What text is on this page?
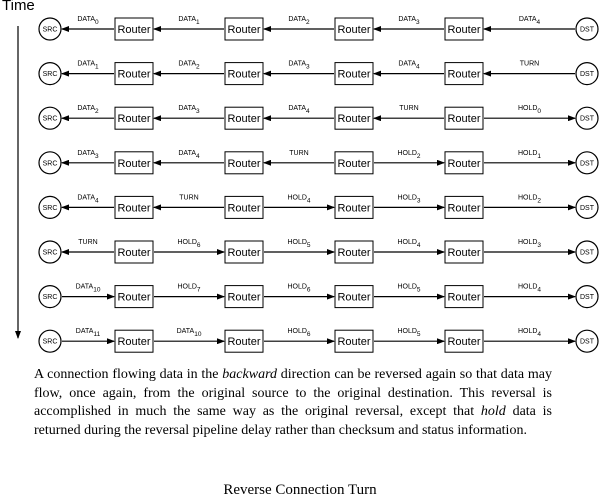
SRC	DST
Router	Router	Router	Router
DATA0	DATA1	DATA2	DATA3	DATA4
SRC	DST
Router	Router	Router	Router
DATA1	DATA2	DATA3	DATA4	TURN
SRC	DST
Router	Router	Router	Router
DATA2	DATA3	DATA4	TURN	HOLD0
SRC	DST
Router	Router	Router	Router
DATA3	DATA4	TURN	HOLD2	HOLD1
SRC	DST
Router	Router	Router	Router
DATA4	TURN	HOLD4	HOLD3	HOLD2
SRC	DST
Router	Router	Router	Router
TURN	HOLD6	HOLD5	HOLD4	HOLD3
SRC	DST
Router	Router	Router	Router
DATA10	HOLD7	HOLD6	HOLD5	HOLD4
SRC	DST
Router	Router	Router	Router
DATA11	DATA10	HOLD6	HOLD5	HOLD4
Time

A connection flowing data in the backward direction can be reversed again so that data may flow, once again, from the original source to the original destination. This reversal is accomplished in much the same way as the original reversal, except that hold data is returned during the reversal pipeline delay rather than checksum and status information.

Reverse Connection Turn
